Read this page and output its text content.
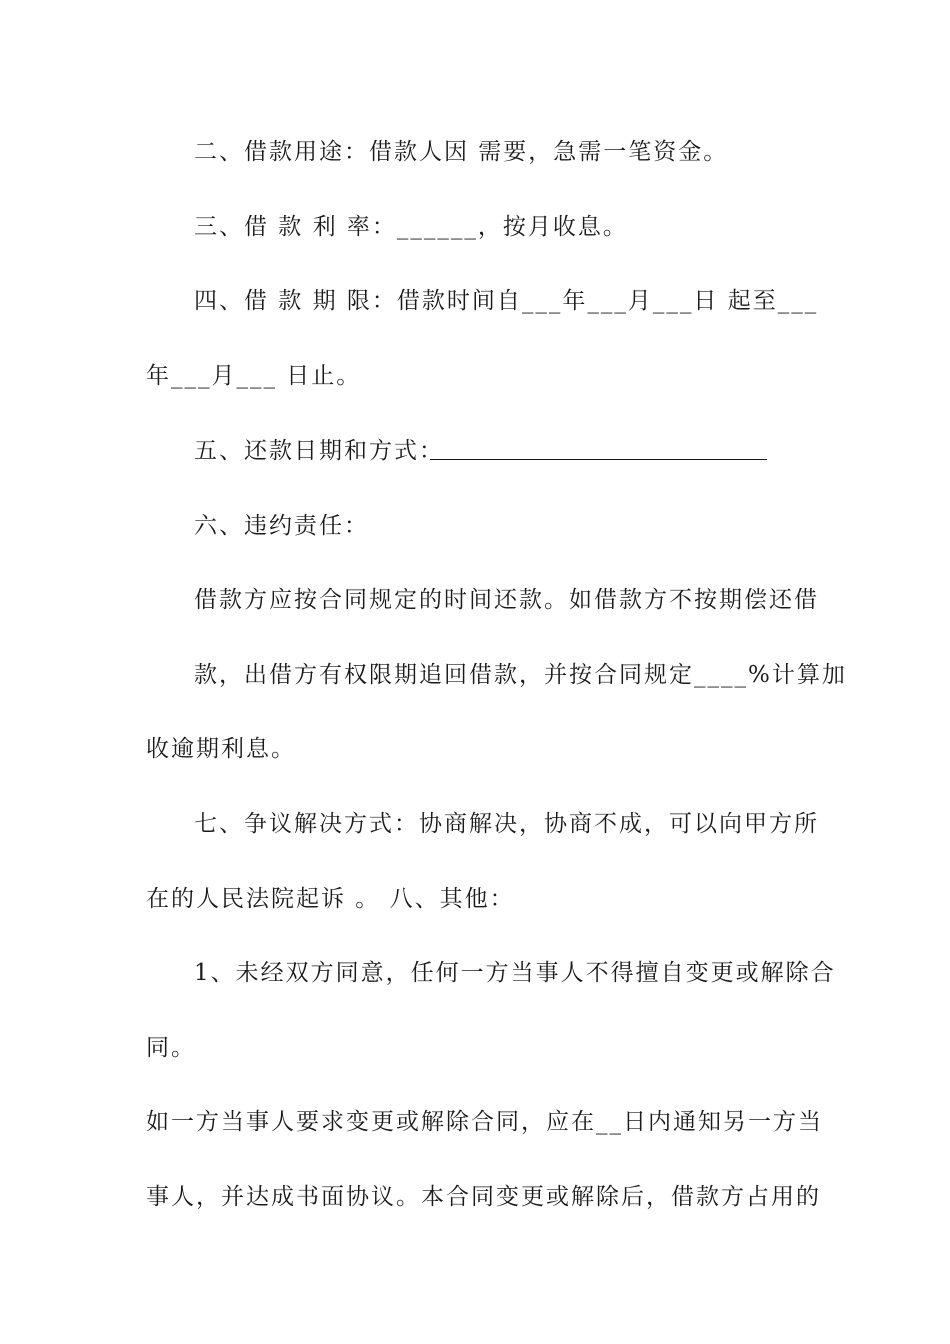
二、借款用途：借款人因 需要，急需一笔资金。
三、借 款 利 率：______，按月收息。
四、借 款 期 限：借款时间自___年___月___日 起至___
年___月___ 日止。
五、还款日期和方式：
六、违约责任：
借款方应按合同规定的时间还款。如借款方不按期偿还借
款，出借方有权限期追回借款，并按合同规定____%计算加
收逾期利息。
七、争议解决方式：协商解决，协商不成，可以向甲方所
在的人民法院起诉 。 八、其他：
1、未经双方同意，任何一方当事人不得擅自变更或解除合
同。
如一方当事人要求变更或解除合同，应在__日内通知另一方当
事人，并达成书面协议。本合同变更或解除后，借款方占用的
